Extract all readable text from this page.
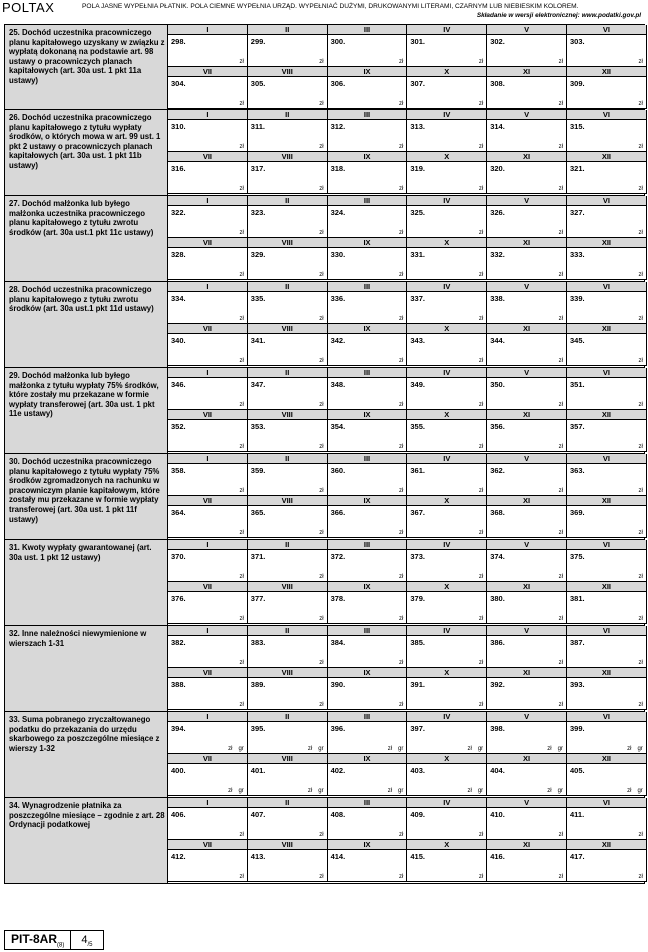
POLTAX	POLA JASNE WYPEŁNIA PŁATNIK. POLA CIEMNE WYPEŁNIA URZĄD. WYPEŁNIAĆ DUŻYMI, DRUKOWANYMI LITERAMI, CZARNYM LUB NIEBIESKIM KOLOREM.
Składanie w wersji elektronicznej: www.podatki.gov.pl
25. Dochód uczestnika pracowniczego planu kapitałowego uzyskany w związku z wypłatą dokonaną na podstawie art. 98 ustawy o pracowniczych planach kapitałowych (art. 30a ust. 1 pkt 11a ustawy)
I
298.
zł
II
299.
zł
III
300.
zł
IV
301.
zł
V
302.
zł
VI
303.
zł
VII
304.
zł
VIII
305.
zł
IX
306.
zł
X
307.
zł
XI
308.
zł
XII
309.
zł
26. Dochód uczestnika pracowniczego planu kapitałowego z tytułu wypłaty środków, o których mowa w art. 99 ust. 1 pkt 2 ustawy o pracowniczych planach kapitałowych (art. 30a ust. 1 pkt 11b ustawy)
I
310.
zł
II
311.
zł
III
312.
zł
IV
313.
zł
V
314.
zł
VI
315.
zł
VII
316.
zł
VIII
317.
zł
IX
318.
zł
X
319.
zł
XI
320.
zł
XII
321.
zł
27. Dochód małżonka lub byłego małżonka uczestnika pracowniczego planu kapitałowego z tytułu zwrotu środków (art. 30a ust.1 pkt 11c ustawy)
I
322.
zł
II
323.
zł
III
324.
zł
IV
325.
zł
V
326.
zł
VI
327.
zł
VII
328.
zł
VIII
329.
zł
IX
330.
zł
X
331.
zł
XI
332.
zł
XII
333.
zł
28. Dochód uczestnika pracowniczego planu kapitałowego z tytułu zwrotu środków (art. 30a ust.1 pkt 11d ustawy)
I
334.
zł
II
335.
zł
III
336.
zł
IV
337.
zł
V
338.
zł
VI
339.
zł
VII
340.
zł
VIII
341.
zł
IX
342.
zł
X
343.
zł
XI
344.
zł
XII
345.
zł
29. Dochód małżonka lub byłego małżonka z tytułu wypłaty 75% środków, które zostały mu przekazane w formie wypłaty transferowej (art. 30a ust. 1 pkt 11e ustawy)
I
346.
zł
II
347.
zł
III
348.
zł
IV
349.
zł
V
350.
zł
VI
351.
zł
VII
352.
zł
VIII
353.
zł
IX
354.
zł
X
355.
zł
XI
356.
zł
XII
357.
zł
30. Dochód uczestnika pracowniczego planu kapitałowego z tytułu wypłaty 75% środków zgromadzonych na rachunku w pracowniczym planie kapitałowym, które zostały mu przekazane w formie wypłaty transferowej (art. 30a ust. 1 pkt 11f ustawy)
I
358.
zł
II
359.
zł
III
360.
zł
IV
361.
zł
V
362.
zł
VI
363.
zł
VII
364.
zł
VIII
365.
zł
IX
366.
zł
X
367.
zł
XI
368.
zł
XII
369.
zł
31. Kwoty wypłaty gwarantowanej (art. 30a ust. 1 pkt 12 ustawy)
I
370.
zł
II
371.
zł
III
372.
zł
IV
373.
zł
V
374.
zł
VI
375.
zł
VII
376.
zł
VIII
377.
zł
IX
378.
zł
X
379.
zł
XI
380.
zł
XII
381.
zł
32. Inne należności niewymienione w wierszach 1-31
I
382.
zł
II
383.
zł
III
384.
zł
IV
385.
zł
V
386.
zł
VI
387.
zł
VII
388.
zł
VIII
389.
zł
IX
390.
zł
X
391.
zł
XI
392.
zł
XII
393.
zł
33. Suma pobranego zryczałtowanego podatku do przekazania do urzędu skarbowego za poszczególne miesiące z wierszy 1-32
I
394.
zł gr
II
395.
zł gr
III
396.
zł gr
IV
397.
zł gr
V
398.
zł gr
VI
399.
zł gr
VII
400.
zł gr
VIII
401.
zł gr
IX
402.
zł gr
X
403.
zł gr
XI
404.
zł gr
XII
405.
zł gr
34. Wynagrodzenie płatnika za poszczególne miesiące – zgodnie z art. 28 Ordynacji podatkowej
I
406.
zł
II
407.
zł
III
408.
zł
IV
409.
zł
V
410.
zł
VI
411.
zł
VII
412.
zł
VIII
413.
zł
IX
414.
zł
X
415.
zł
XI
416.
zł
XII
417.
zł
PIT-$8AR_{(8)}$	$4_{/5}$
